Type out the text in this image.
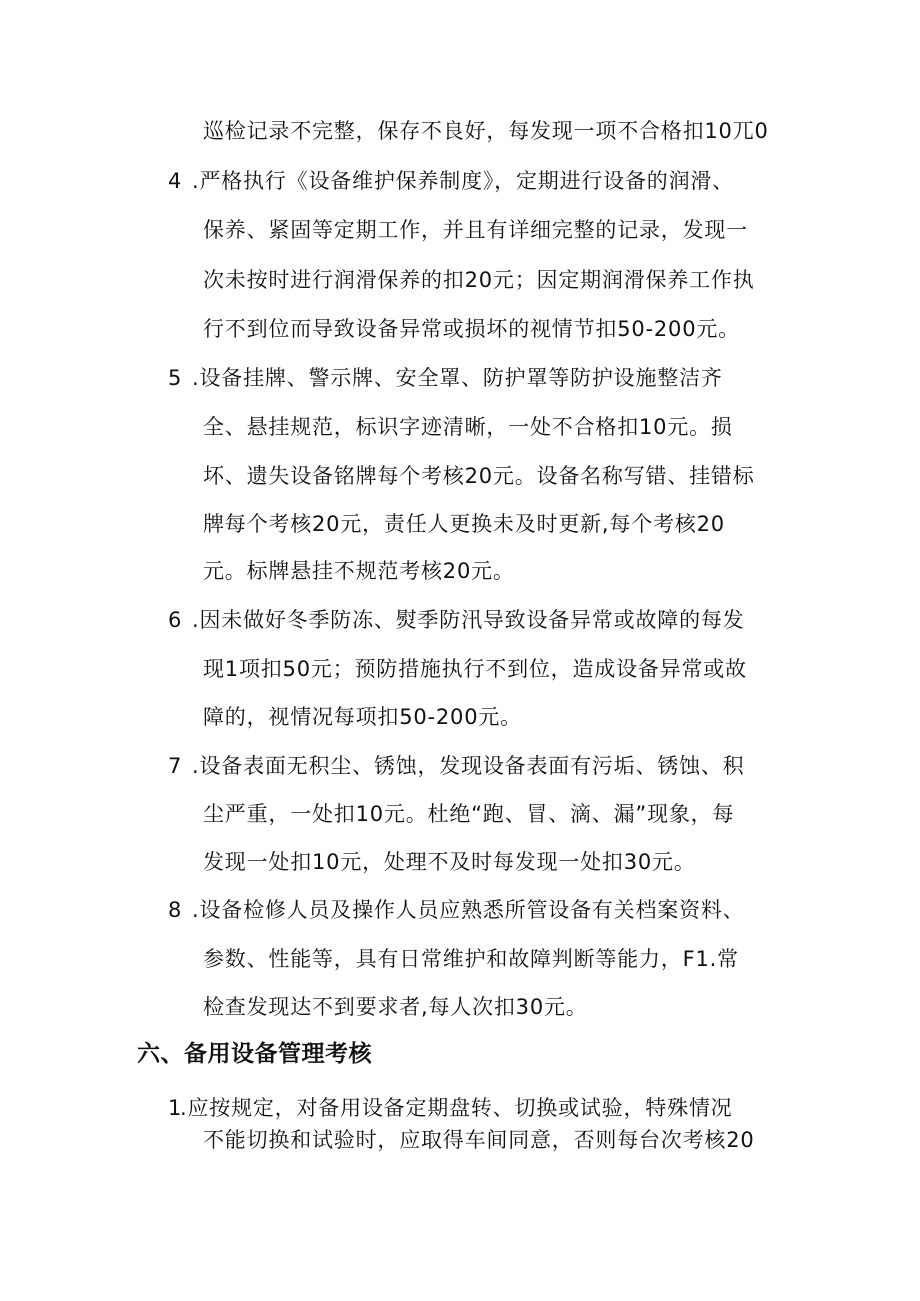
巡检记录不完整，保存不良好，每发现一项不合格扣10兀0
4 .严格执行《设备维护保养制度》，定期进行设备的润滑、
保养、紧固等定期工作，并且有详细完整的记录，发现一
次未按时进行润滑保养的扣20元；因定期润滑保养工作执
行不到位而导致设备异常或损坏的视情节扣50-200元。
5 .设备挂牌、警示牌、安全罩、防护罩等防护设施整洁齐
全、悬挂规范，标识字迹清晰，一处不合格扣10元。损
坏、遗失设备铭牌每个考核20元。设备名称写错、挂错标
牌每个考核20元，责任人更换未及时更新,每个考核20
元。标牌悬挂不规范考核20元。
6 .因未做好冬季防冻、熨季防汛导致设备异常或故障的每发
现1项扣50元；预防措施执行不到位，造成设备异常或故
障的，视情况每项扣50-200元。
7 .设备表面无积尘、锈蚀，发现设备表面有污垢、锈蚀、积
尘严重，一处扣10元。杜绝“跑、冒、滴、漏”现象，每
发现一处扣10元，处理不及时每发现一处扣30元。
8 .设备检修人员及操作人员应熟悉所管设备有关档案资料、
参数、性能等，具有日常维护和故障判断等能力，F1.常
检查发现达不到要求者,每人次扣30元。
六、备用设备管理考核
1
.应按规定，对备用设备定期盘转、切换或试验，特殊情况
不能切换和试验时，应取得车间同意，否则每台次考核20
